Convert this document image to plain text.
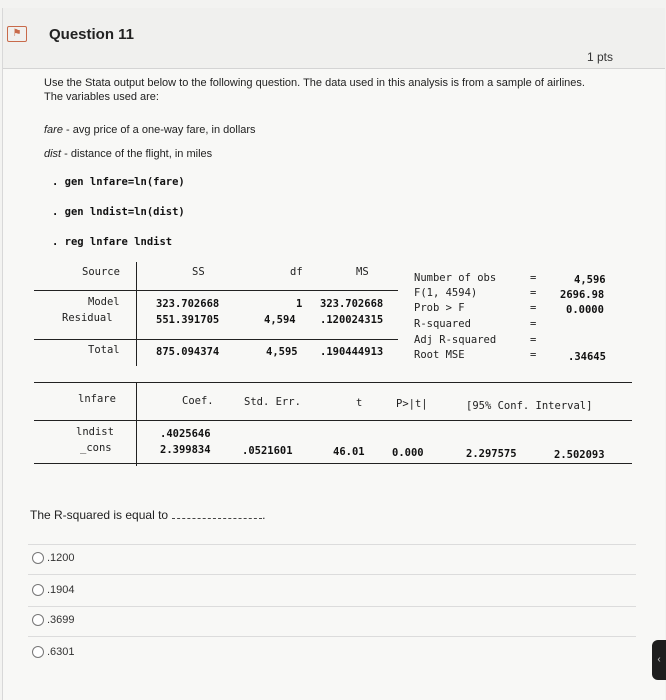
⚑	Question 11
1 pts
Use the Stata output below to the following question. The data used in this analysis is from a sample of airlines. The variables used are:
fare - avg price of a one-way fare, in dollars
dist - distance of the flight, in miles
. gen lnfare=ln(fare)
. gen lndist=ln(dist)
. reg lnfare lndist
Source	SS	df	MS
Model	323.702668	1 323.702668
Residual	551.391705	4,594 .120024315
Total	875.094374	4,595 .190444913
Number of obs	=	4,596
F(1, 4594)	= 2696.98
Prob > F	=	0.0000
R-squared	=
Adj R-squared	=
Root MSE	=	.34645
lnfare	Coef.	Std. Err.	t	P>|t|	[95% Conf. Interval]
lndist	.4025646
_cons	2.399834	.0521601	46.01	0.000	2.297575	2.502093
The R-squared is equal to	.
.1200
.1904
.3699
.6301
‹
